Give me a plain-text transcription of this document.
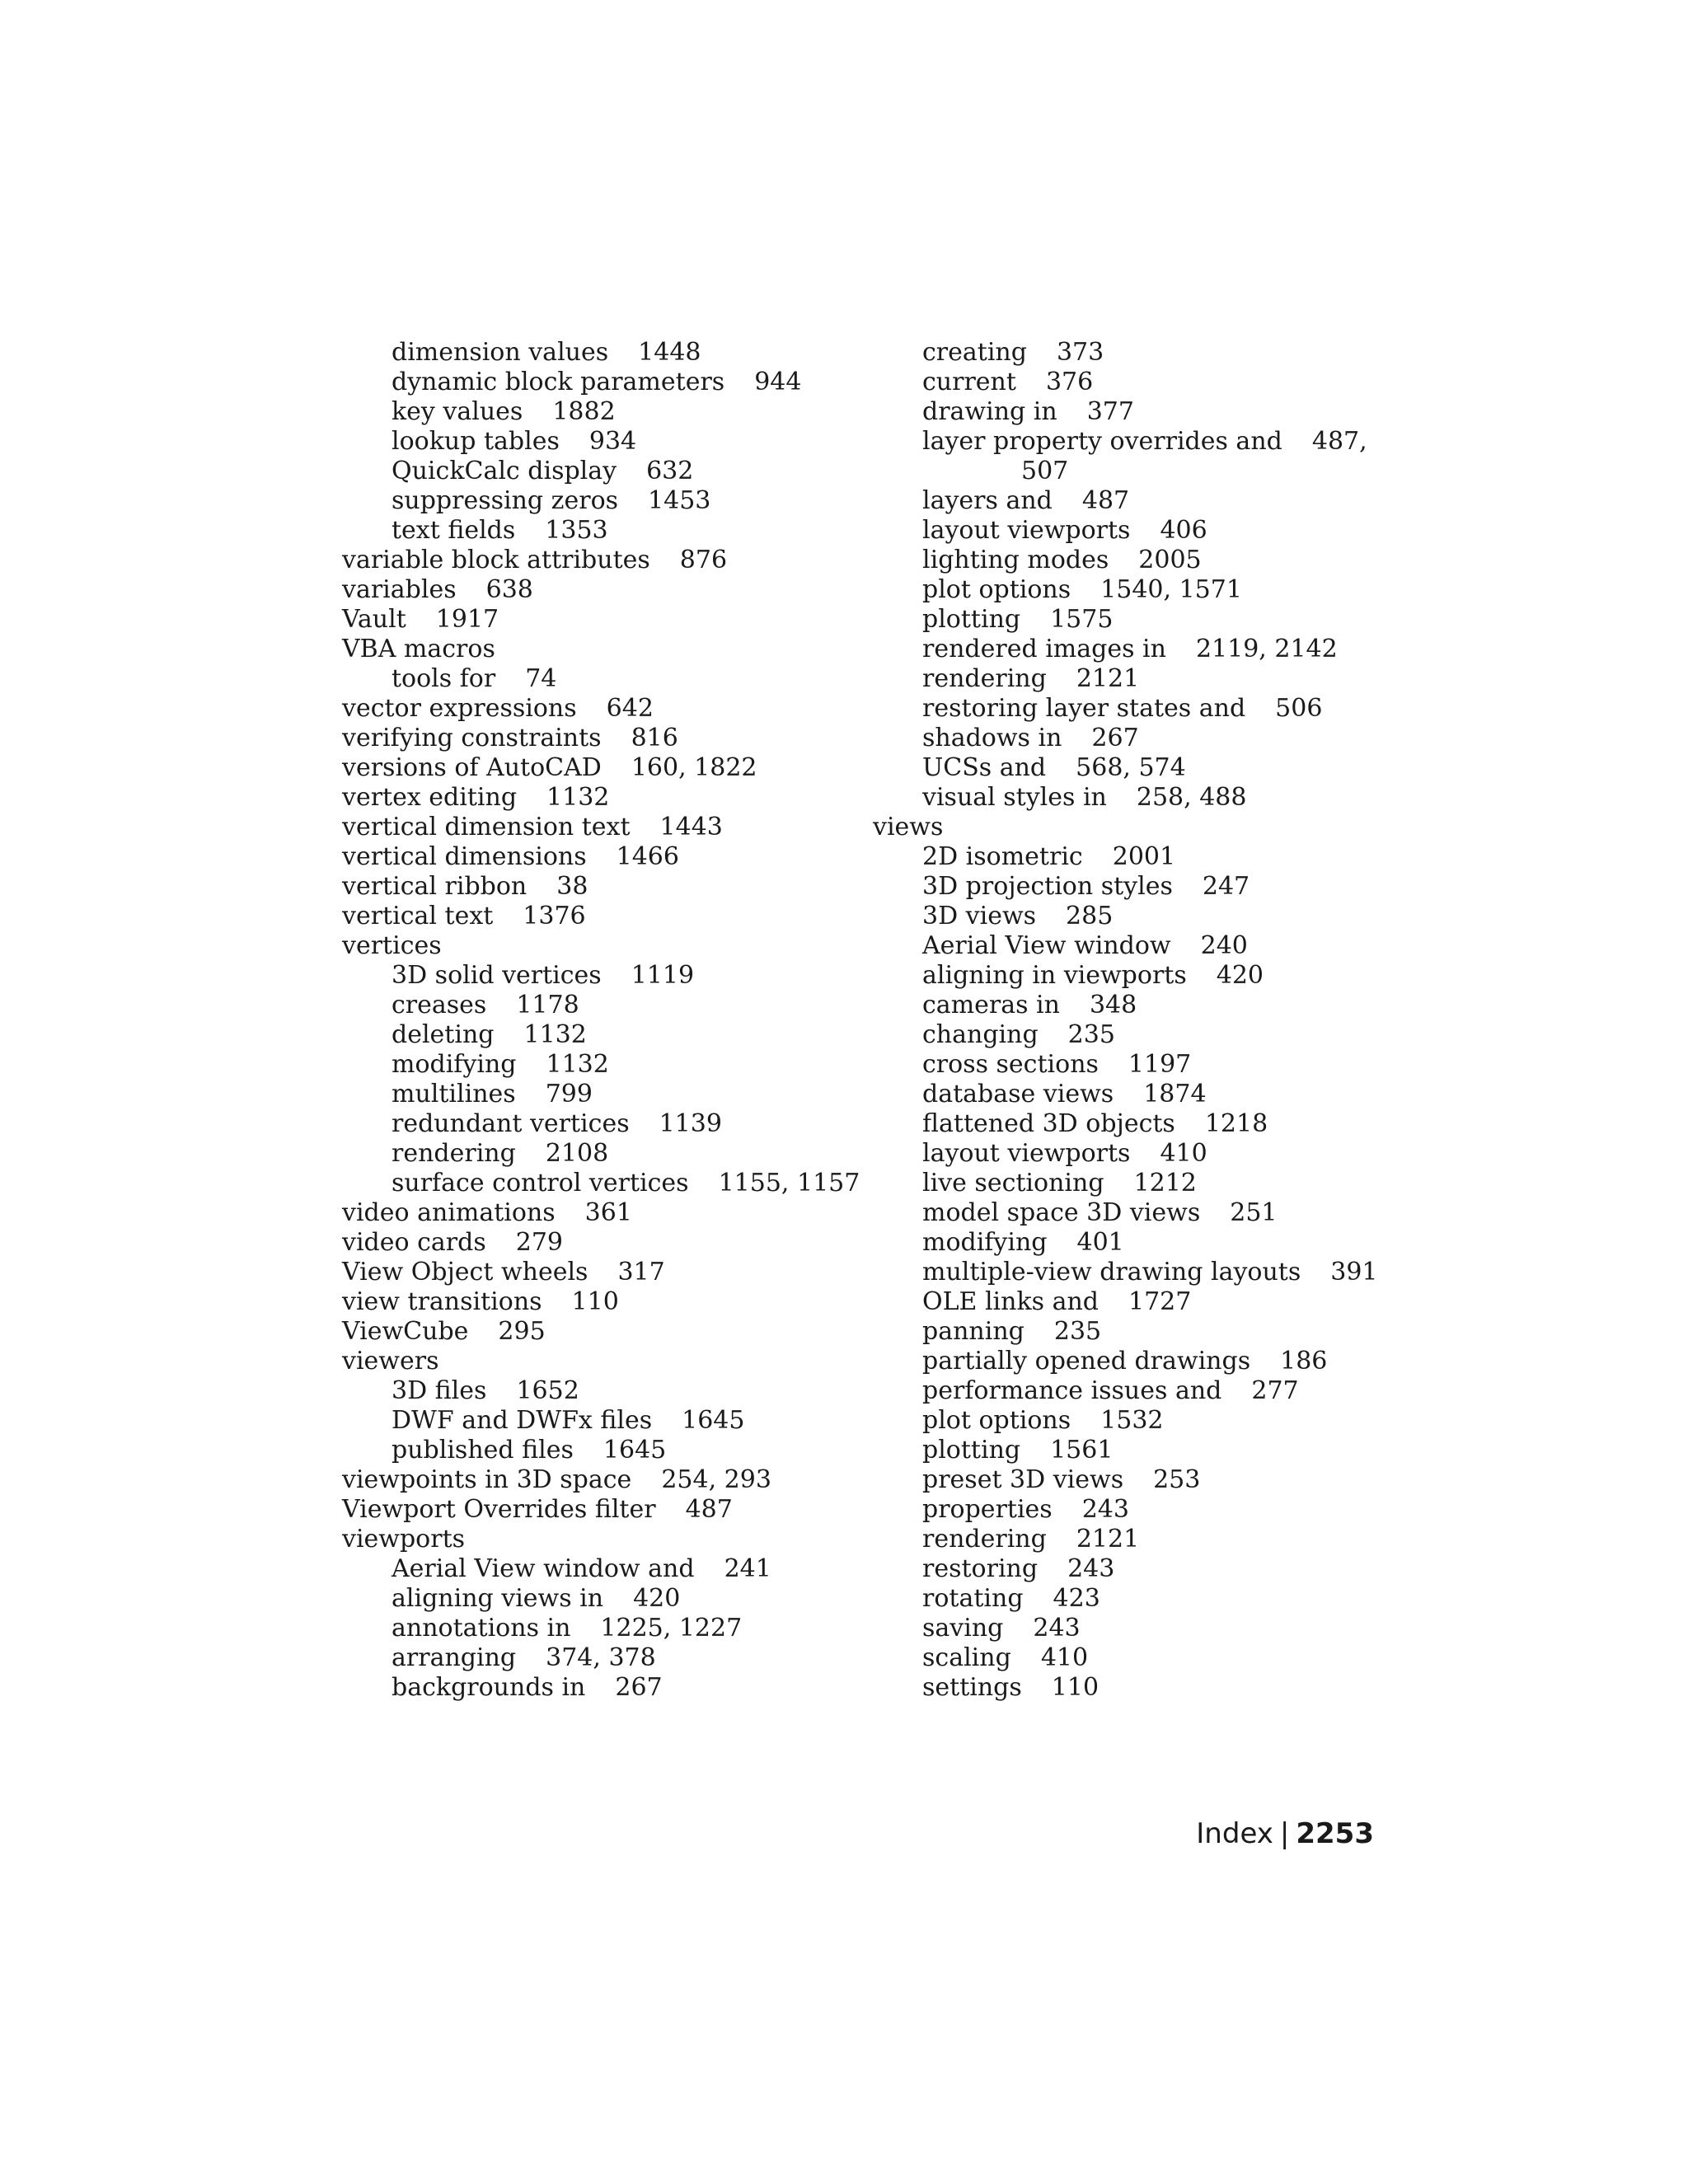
dimension values 1448
dynamic block parameters 944
key values 1882
lookup tables 934
QuickCalc display 632
suppressing zeros 1453
text fields 1353
variable block attributes 876
variables 638
Vault 1917
VBA macros
tools for 74
vector expressions 642
verifying constraints 816
versions of AutoCAD 160, 1822
vertex editing 1132
vertical dimension text 1443
vertical dimensions 1466
vertical ribbon 38
vertical text 1376
vertices
3D solid vertices 1119
creases 1178
deleting 1132
modifying 1132
multilines 799
redundant vertices 1139
rendering 2108
surface control vertices 1155, 1157
video animations 361
video cards 279
View Object wheels 317
view transitions 110
ViewCube 295
viewers
3D files 1652
DWF and DWFx files 1645
published files 1645
viewpoints in 3D space 254, 293
Viewport Overrides filter 487
viewports
Aerial View window and 241
aligning views in 420
annotations in 1225, 1227
arranging 374, 378
backgrounds in 267
creating 373
current 376
drawing in 377
layer property overrides and 487,
507
layers and 487
layout viewports 406
lighting modes 2005
plot options 1540, 1571
plotting 1575
rendered images in 2119, 2142
rendering 2121
restoring layer states and 506
shadows in 267
UCSs and 568, 574
visual styles in 258, 488
views
2D isometric 2001
3D projection styles 247
3D views 285
Aerial View window 240
aligning in viewports 420
cameras in 348
changing 235
cross sections 1197
database views 1874
flattened 3D objects 1218
layout viewports 410
live sectioning 1212
model space 3D views 251
modifying 401
multiple-view drawing layouts 391
OLE links and 1727
panning 235
partially opened drawings 186
performance issues and 277
plot options 1532
plotting 1561
preset 3D views 253
properties 243
rendering 2121
restoring 243
rotating 423
saving 243
scaling 410
settings 110
Index | 2253
